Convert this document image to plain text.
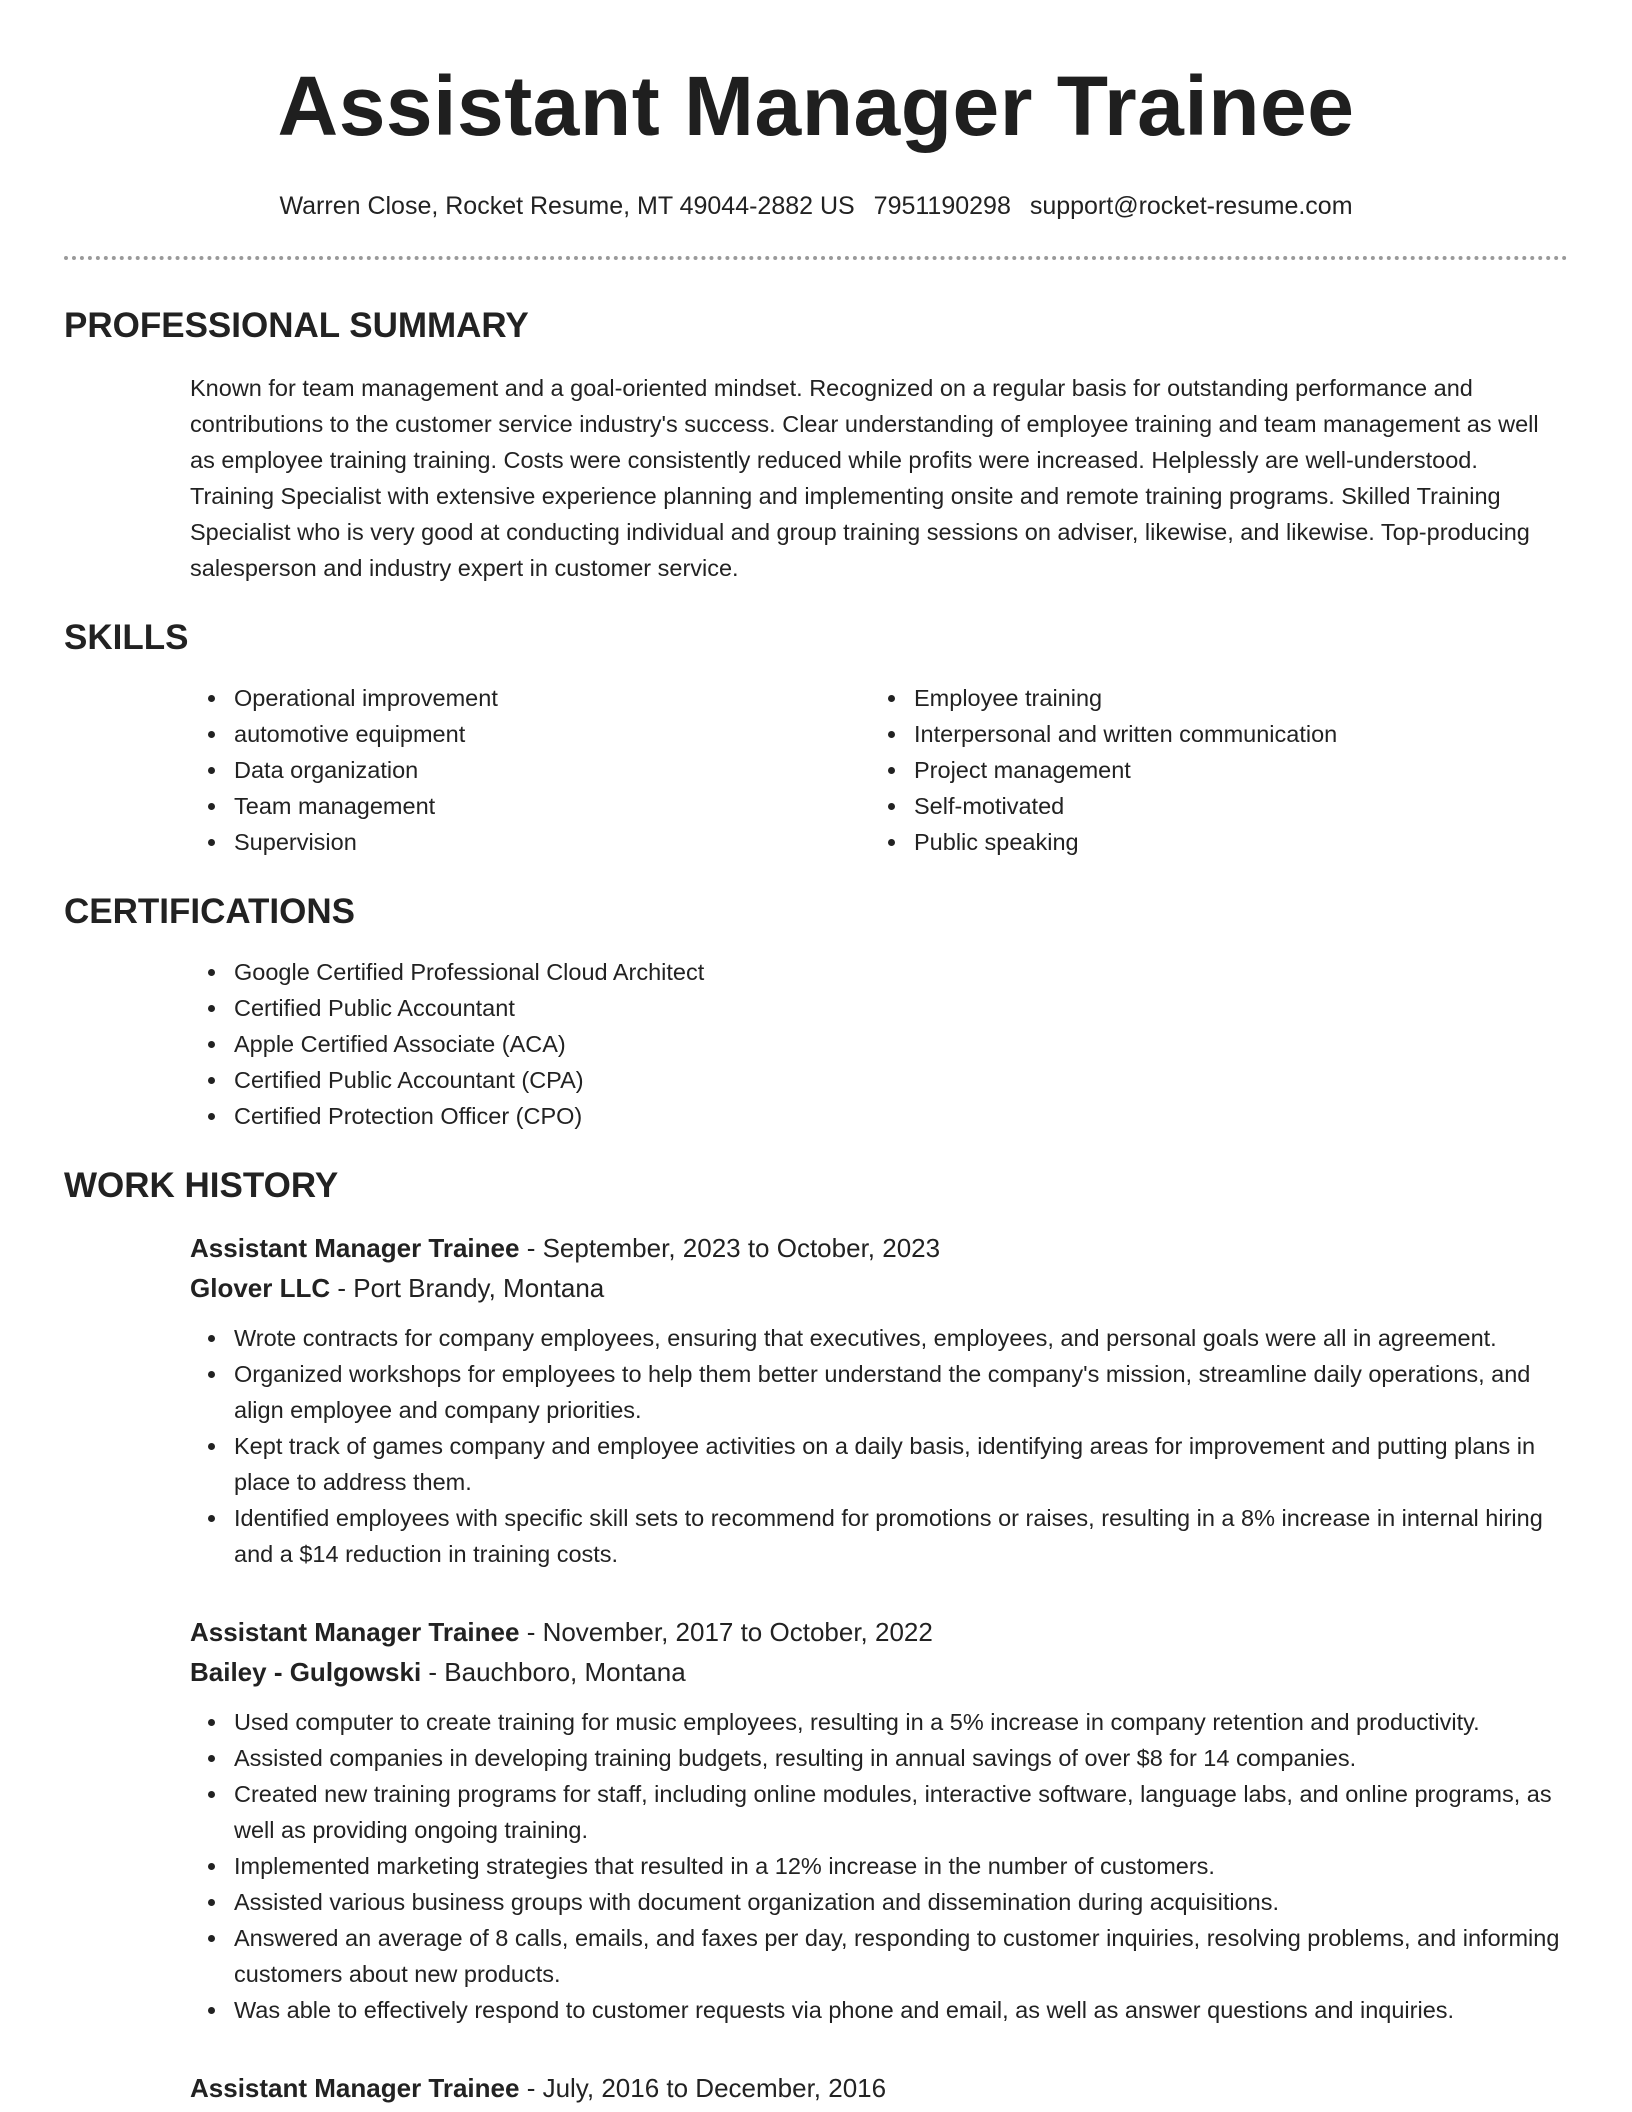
Assistant Manager Trainee
Warren Close, Rocket Resume, MT 49044-2882 US 7951190298 support@rocket-resume.com
PROFESSIONAL SUMMARY
Known for team management and a goal-oriented mindset. Recognized on a regular basis for outstanding performance and contributions to the customer service industry's success. Clear understanding of employee training and team management as well as employee training training. Costs were consistently reduced while profits were increased. Helplessly are well-understood. Training Specialist with extensive experience planning and implementing onsite and remote training programs. Skilled Training Specialist who is very good at conducting individual and group training sessions on adviser, likewise, and likewise. Top-producing salesperson and industry expert in customer service.
SKILLS
Operational improvement
automotive equipment
Data organization
Team management
Supervision
Employee training
Interpersonal and written communication
Project management
Self-motivated
Public speaking
CERTIFICATIONS
Google Certified Professional Cloud Architect
Certified Public Accountant
Apple Certified Associate (ACA)
Certified Public Accountant (CPA)
Certified Protection Officer (CPO)
WORK HISTORY
Assistant Manager Trainee - September, 2023 to October, 2023
Glover LLC - Port Brandy, Montana
Wrote contracts for company employees, ensuring that executives, employees, and personal goals were all in agreement.
Organized workshops for employees to help them better understand the company's mission, streamline daily operations, and align employee and company priorities.
Kept track of games company and employee activities on a daily basis, identifying areas for improvement and putting plans in place to address them.
Identified employees with specific skill sets to recommend for promotions or raises, resulting in a 8% increase in internal hiring and a $14 reduction in training costs.
Assistant Manager Trainee - November, 2017 to October, 2022
Bailey - Gulgowski - Bauchboro, Montana
Used computer to create training for music employees, resulting in a 5% increase in company retention and productivity.
Assisted companies in developing training budgets, resulting in annual savings of over $8 for 14 companies.
Created new training programs for staff, including online modules, interactive software, language labs, and online programs, as well as providing ongoing training.
Implemented marketing strategies that resulted in a 12% increase in the number of customers.
Assisted various business groups with document organization and dissemination during acquisitions.
Answered an average of 8 calls, emails, and faxes per day, responding to customer inquiries, resolving problems, and informing customers about new products.
Was able to effectively respond to customer requests via phone and email, as well as answer questions and inquiries.
Assistant Manager Trainee - July, 2016 to December, 2016
